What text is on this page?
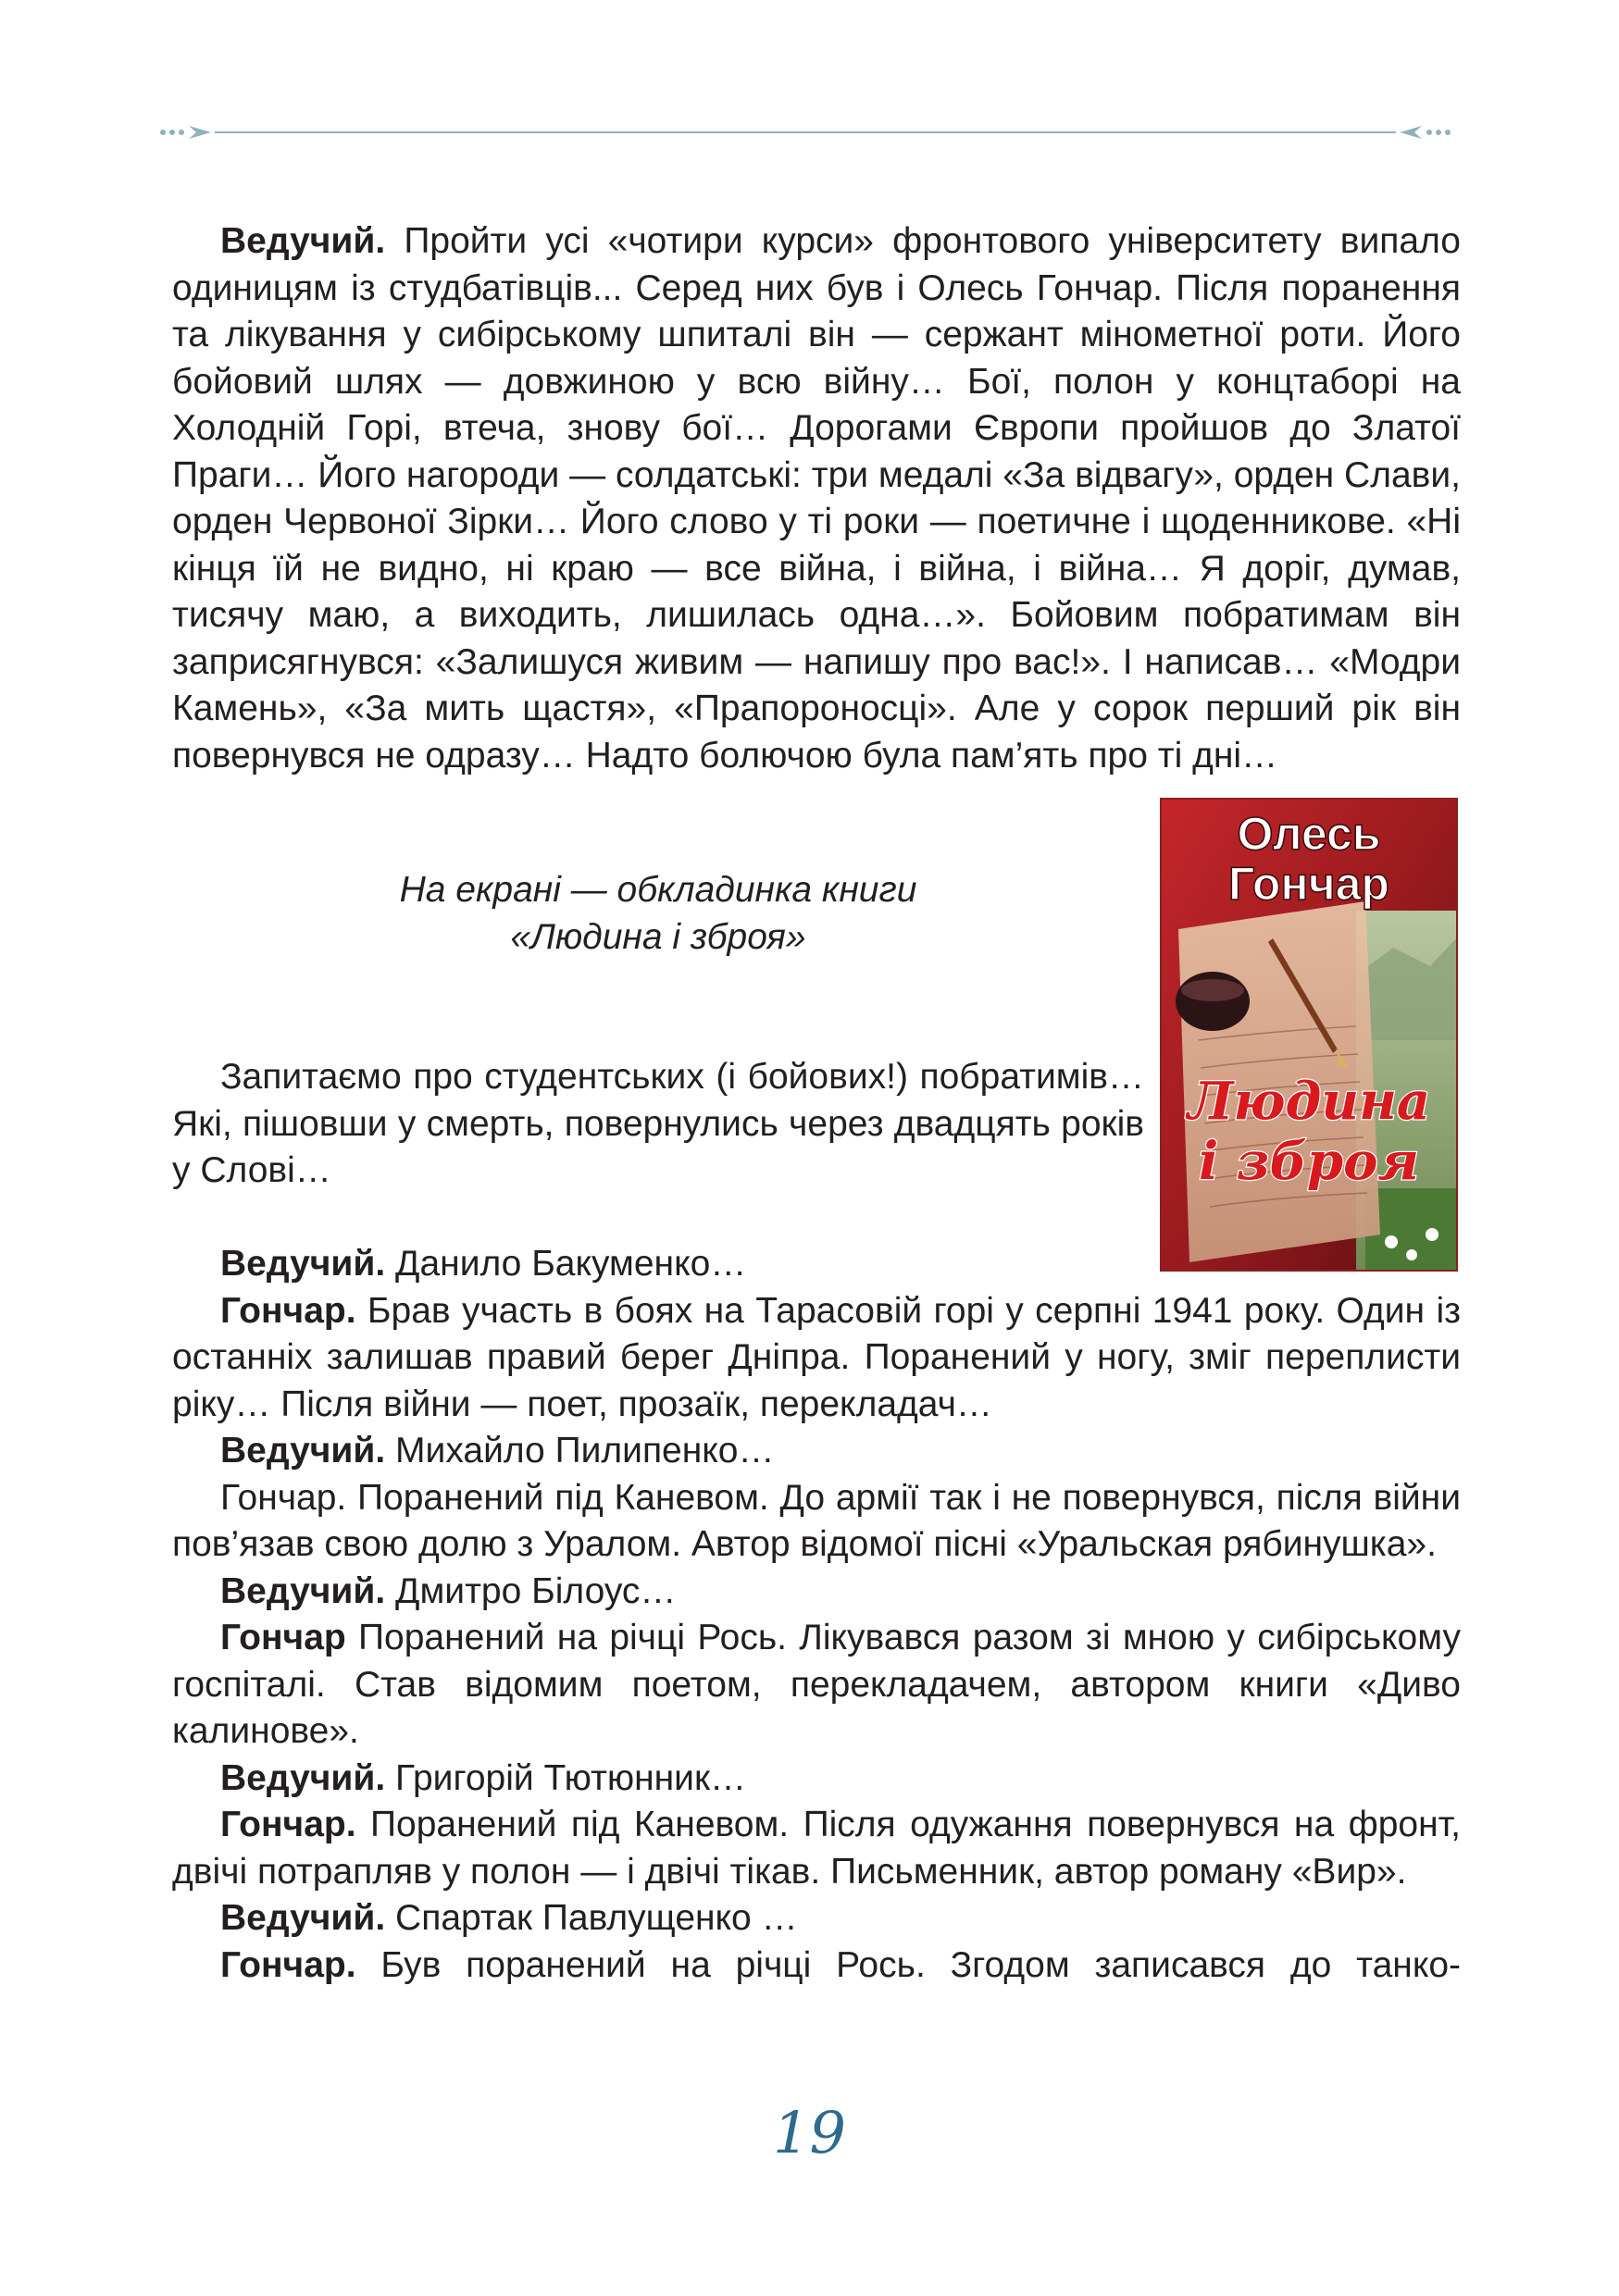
Ведучий. Пройти усі «чотири курси» фронтового університету випало одиницям із студбатівців... Серед них був і Олесь Гончар. Після поранення та лікування у сибірському шпиталі він — сержант мінометної роти. Його бойовий шлях — довжиною у всю війну… Бої, полон у концтаборі на Холодній Горі, втеча, знову бої… Дорогами Європи пройшов до Златої Праги… Його нагороди — солдатські: три медалі «За відвагу», орден Слави, орден Червоної Зірки… Його слово у ті роки — поетичне і щоденникове. «Ні кінця їй не видно, ні краю — все війна, і війна, і війна… Я доріг, думав, тисячу маю, а виходить, лишилась одна…». Бойовим побратимам він заприсягнувся: «Залишуся живим — напишу про вас!». І написав… «Модри Камень», «За мить щастя», «Прапороносці». Але у сорок перший рік він повернувся не одразу… Надто болючою була пам’ять про ті дні…

На екрані — обкладинка книги
«Людина і зброя»

Запитаємо про студентських (і бойових!) побратимів… Які, пішовши у смерть, повернулись через двадцять років у Слові…

Олесь
Гончар
Людина
і зброя

Ведучий. Данило Бакуменко…

Гончар. Брав участь в боях на Тарасовій горі у серпні 1941 року. Один із останніх залишав правий берег Дніпра. Поранений у ногу, зміг переплисти ріку… Після війни — поет, прозаїк, перекладач…

Ведучий. Михайло Пилипенко…

Гончар. Поранений під Каневом. До армії так і не повернувся, після війни пов’язав свою долю з Уралом. Автор відомої пісні «Уральская рябинушка».

Ведучий. Дмитро Білоус…

Гончар Поранений на річці Рось. Лікувався разом зі мною у сибірському госпіталі. Став відомим поетом, перекладачем, автором книги «Диво калинове».

Ведучий. Григорій Тютюнник…

Гончар. Поранений під Каневом. Після одужання повернувся на фронт, двічі потрапляв у полон — і двічі тікав. Письменник, автор роману «Вир».

Ведучий. Спартак Павлущенко …

Гончар. Був поранений на річці Рось. Згодом записався до танко-

19
